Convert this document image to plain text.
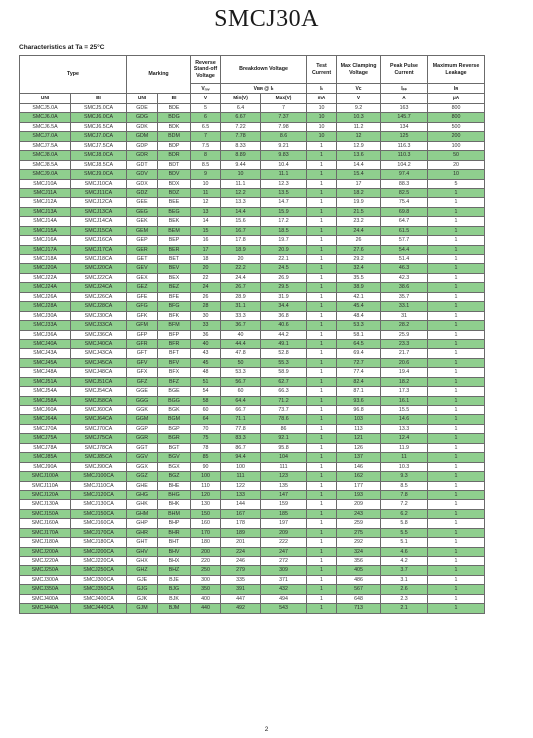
SMCJ30A
Characteristics at Ta = 25°C
Type		Marking		Reverse Stand-off Voltage	Breakdown Voltage		Test Current	Max Clamping Voltage	Peak Pulse Current	Maximum Reverse Leakage
				Vᵣᵥᵥ	Vʙʀ @ Iₜ		Iₜ	Vᴄ	Iₚₚ	Iʀ
UNI	BI	UNI	BI	V	Min(V)	Max(V)	mA	V	A	μA
SMCJ5.0A	SMCJ5.0CA	GDE	BDE	5	6.4	7	10	9.2	163	800
SMCJ6.0A	SMCJ6.0CA	GDG	BDG	6	6.67	7.37	10	10.3	145.7	800
SMCJ6.5A	SMCJ6.5CA	GDK	BDK	6.5	7.22	7.98	10	11.2	134	500
SMCJ7.0A	SMCJ7.0CA	GDM	BDM	7	7.78	8.6	10	12	125	200
SMCJ7.5A	SMCJ7.5CA	GDP	BDP	7.5	8.33	9.21	1	12.9	116.3	100
SMCJ8.0A	SMCJ8.0CA	GDR	BDR	8	8.89	9.83	1	13.6	110.3	50
SMCJ8.5A	SMCJ8.5CA	GDT	BDT	8.5	9.44	10.4	1	14.4	104.2	20
SMCJ9.0A	SMCJ9.0CA	GDV	BDV	9	10	11.1	1	15.4	97.4	10
SMCJ10A	SMCJ10CA	GDX	BDX	10	11.1	12.3	1	17	88.3	5
SMCJ11A	SMCJ11CA	GDZ	BDZ	11	12.2	13.5	1	18.2	82.5	1
SMCJ12A	SMCJ12CA	GEE	BEE	12	13.3	14.7	1	19.9	75.4	1
SMCJ13A	SMCJ13CA	GEG	BEG	13	14.4	15.9	1	21.5	69.8	1
SMCJ14A	SMCJ14CA	GEK	BEK	14	15.6	17.2	1	23.2	64.7	1
SMCJ15A	SMCJ15CA	GEM	BEM	15	16.7	18.5	1	24.4	61.5	1
SMCJ16A	SMCJ16CA	GEP	BEP	16	17.8	19.7	1	26	57.7	1
SMCJ17A	SMCJ17CA	GER	BER	17	18.9	20.9	1	27.6	54.4	1
SMCJ18A	SMCJ18CA	GET	BET	18	20	22.1	1	29.2	51.4	1
SMCJ20A	SMCJ20CA	GEV	BEV	20	22.2	24.5	1	32.4	46.3	1
SMCJ22A	SMCJ22CA	GEX	BEX	22	24.4	26.9	1	35.5	42.3	1
SMCJ24A	SMCJ24CA	GEZ	BEZ	24	26.7	29.5	1	38.9	38.6	1
SMCJ26A	SMCJ26CA	GFE	BFE	26	28.9	31.9	1	42.1	35.7	1
SMCJ28A	SMCJ28CA	GFG	BFG	28	31.1	34.4	1	45.4	33.1	1
SMCJ30A	SMCJ30CA	GFK	BFK	30	33.3	36.8	1	48.4	31	1
SMCJ33A	SMCJ33CA	GFM	BFM	33	36.7	40.6	1	53.3	28.2	1
SMCJ36A	SMCJ36CA	GFP	BFP	36	40	44.2	1	58.1	25.9	1
SMCJ40A	SMCJ40CA	GFR	BFR	40	44.4	49.1	1	64.5	23.3	1
SMCJ43A	SMCJ43CA	GFT	BFT	43	47.8	52.8	1	69.4	21.7	1
SMCJ45A	SMCJ45CA	GFV	BFV	45	50	55.3	1	72.7	20.6	1
SMCJ48A	SMCJ48CA	GFX	BFX	48	53.3	58.9	1	77.4	19.4	1
SMCJ51A	SMCJ51CA	GFZ	BFZ	51	56.7	62.7	1	82.4	18.2	1
SMCJ54A	SMCJ54CA	GGE	BGE	54	60	66.3	1	87.1	17.3	1
SMCJ58A	SMCJ58CA	GGG	BGG	58	64.4	71.2	1	93.6	16.1	1
SMCJ60A	SMCJ60CA	GGK	BGK	60	66.7	73.7	1	96.8	15.5	1
SMCJ64A	SMCJ64CA	GGM	BGM	64	71.1	78.6	1	103	14.6	1
SMCJ70A	SMCJ70CA	GGP	BGP	70	77.8	86	1	113	13.3	1
SMCJ75A	SMCJ75CA	GGR	BGR	75	83.3	92.1	1	121	12.4	1
SMCJ78A	SMCJ78CA	GGT	BGT	78	86.7	95.8	1	126	11.9	1
SMCJ85A	SMCJ85CA	GGV	BGV	85	94.4	104	1	137	11	1
SMCJ90A	SMCJ90CA	GGX	BGX	90	100	111	1	146	10.3	1
SMCJ100A	SMCJ100CA	GGZ	BGZ	100	111	123	1	162	9.3	1
SMCJ110A	SMCJ110CA	GHE	BHE	110	122	135	1	177	8.5	1
SMCJ120A	SMCJ120CA	GHG	BHG	120	133	147	1	193	7.8	1
SMCJ130A	SMCJ130CA	GHK	BHK	130	144	159	1	209	7.2	1
SMCJ150A	SMCJ150CA	GHM	BHM	150	167	185	1	243	6.2	1
SMCJ160A	SMCJ160CA	GHP	BHP	160	178	197	1	259	5.8	1
SMCJ170A	SMCJ170CA	GHR	BHR	170	189	209	1	275	5.5	1
SMCJ180A	SMCJ180CA	GHT	BHT	180	201	222	1	292	5.1	1
SMCJ200A	SMCJ200CA	GHV	BHV	200	224	247	1	324	4.6	1
SMCJ220A	SMCJ220CA	GHX	BHX	220	246	272	1	356	4.2	1
SMCJ250A	SMCJ250CA	GHZ	BHZ	250	279	309	1	405	3.7	1
SMCJ300A	SMCJ300CA	GJE	BJE	300	335	371	1	486	3.1	1
SMCJ350A	SMCJ350CA	GJG	BJG	350	391	432	1	567	2.6	1
SMCJ400A	SMCJ400CA	GJK	BJK	400	447	494	1	648	2.3	1
SMCJ440A	SMCJ440CA	GJM	BJM	440	492	543	1	713	2.1	1
2
